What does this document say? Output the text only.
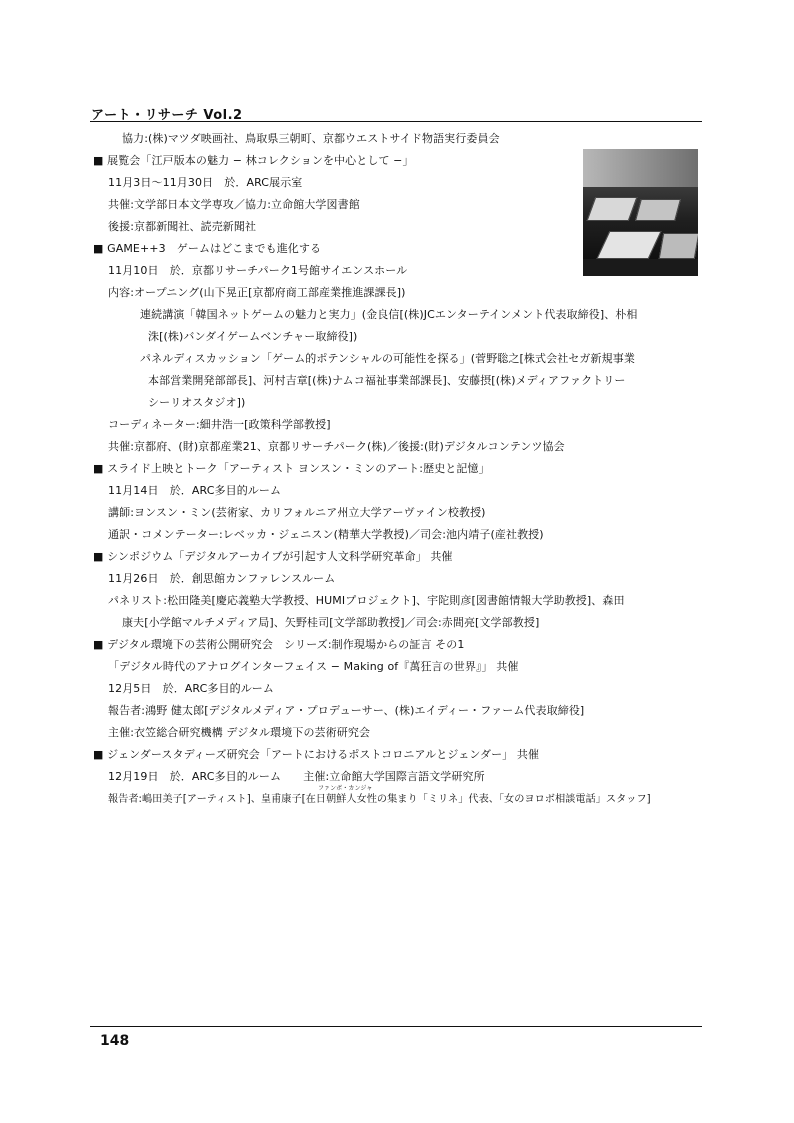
アート・リサーチ Vol.2
協力:(株)マツダ映画社、鳥取県三朝町、京都ウエストサイド物語実行委員会
■ 展覧会「江戸版本の魅力 − 林コレクションを中心として −」
11月3日〜11月30日　於．ARC展示室
共催:文学部日本文学専攻／協力:立命館大学図書館
後援:京都新聞社、読売新聞社
■ GAME++3　ゲームはどこまでも進化する
11月10日　於．京都リサーチパーク1号館サイエンスホール
内容:オープニング(山下晃正[京都府商工部産業推進課課長])
連続講演「韓国ネットゲームの魅力と実力」(金良信[(株)JCエンターテインメント代表取締役]、朴相
洙[(株)バンダイゲームベンチャー取締役])
パネルディスカッション「ゲーム的ポテンシャルの可能性を探る」(菅野聡之[株式会社セガ新規事業
本部営業開発部部長]、河村吉章[(株)ナムコ福祉事業部課長]、安藤摂[(株)メディアファクトリー
シーリオスタジオ])
コーディネーター:細井浩一[政策科学部教授]
共催:京都府、(財)京都産業21、京都リサーチパーク(株)／後援:(財)デジタルコンテンツ協会
■ スライド上映とトーク「アーティスト ヨンスン・ミンのアート:歴史と記憶」
11月14日　於．ARC多目的ルーム
講師:ヨンスン・ミン(芸術家、カリフォルニア州立大学アーヴァイン校教授)
通訳・コメンテーター:レベッカ・ジェニスン(精華大学教授)／司会:池内靖子(産社教授)
■ シンポジウム「デジタルアーカイブが引起す人文科学研究革命」 共催
11月26日　於．創思館カンファレンスルーム
パネリスト:松田隆美[慶応義塾大学教授、HUMIプロジェクト]、宇陀則彦[図書館情報大学助教授]、森田
康夫[小学館マルチメディア局]、矢野桂司[文学部助教授]／司会:赤間亮[文学部教授]
■ デジタル環境下の芸術公開研究会　シリーズ:制作現場からの証言 その1
「デジタル時代のアナログインターフェイス − Making of『萬狂言の世界』」 共催
12月5日　於．ARC多目的ルーム
報告者:鴻野 健太郎[デジタルメディア・プロデューサー、(株)エイディー・ファーム代表取締役]
主催:衣笠総合研究機構 デジタル環境下の芸術研究会
■ ジェンダースタディーズ研究会「アートにおけるポストコロニアルとジェンダー」 共催
12月19日　於．ARC多目的ルーム　　主催:立命館大学国際言語文学研究所
ファンボ・カンジャ
報告者:嶋田美子[アーティスト]、皇甫康子[在日朝鮮人女性の集まり「ミリネ」代表、「女のヨロボ相談電話」スタッフ]
148
